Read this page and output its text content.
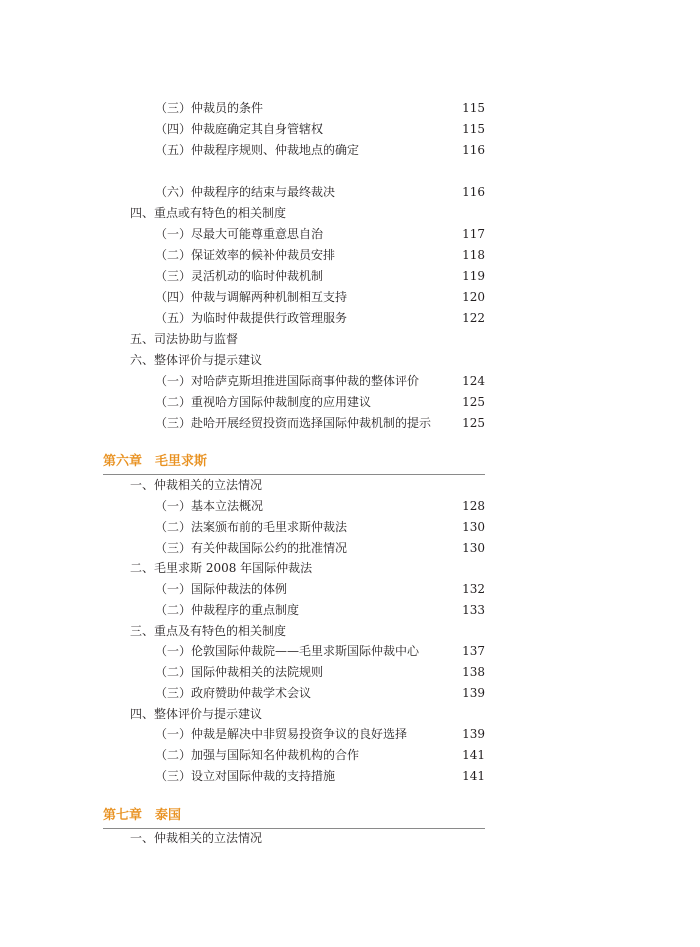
（三）仲裁员的条件	115
（四）仲裁庭确定其自身管辖权	115
（五）仲裁程序规则、仲裁地点的确定	116
（六）仲裁程序的结束与最终裁决	116
四、重点或有特色的相关制度
（一）尽最大可能尊重意思自治	117
（二）保证效率的候补仲裁员安排	118
（三）灵活机动的临时仲裁机制	119
（四）仲裁与调解两种机制相互支持	120
（五）为临时仲裁提供行政管理服务	122
五、司法协助与监督
六、整体评价与提示建议
（一）对哈萨克斯坦推进国际商事仲裁的整体评价	124
（二）重视哈方国际仲裁制度的应用建议	125
（三）赴哈开展经贸投资而选择国际仲裁机制的提示	125
第六章 毛里求斯
一、仲裁相关的立法情况
（一）基本立法概况	128
（二）法案颁布前的毛里求斯仲裁法	130
（三）有关仲裁国际公约的批准情况	130
二、毛里求斯 2008 年国际仲裁法
（一）国际仲裁法的体例	132
（二）仲裁程序的重点制度	133
三、重点及有特色的相关制度
（一）伦敦国际仲裁院——毛里求斯国际仲裁中心	137
（二）国际仲裁相关的法院规则	138
（三）政府赞助仲裁学术会议	139
四、整体评价与提示建议
（一）仲裁是解决中非贸易投资争议的良好选择	139
（二）加强与国际知名仲裁机构的合作	141
（三）设立对国际仲裁的支持措施	141
第七章 泰国
一、仲裁相关的立法情况
